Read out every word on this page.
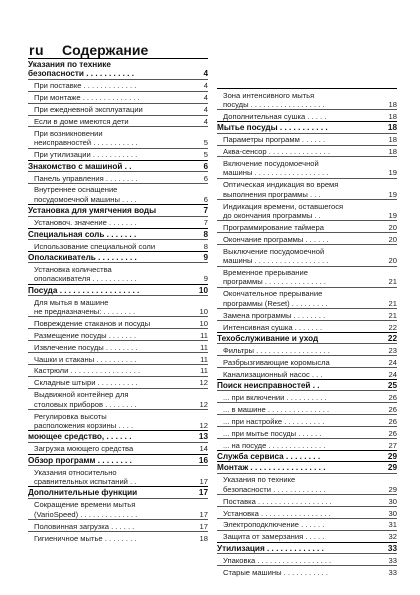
ru Содержание
Указания по технике
безопасности . . . . . . . . . . .	4
При поставке . . . . . . . . . . . . .	4
При монтаже . . . . . . . . . . . . . .	4
При ежедневной эксплуатации	4
Если в доме имеются дети	4
При возникновении
неисправностей . . . . . . . . . . .	5
При утилизации . . . . . . . . . . .	5
Знакомство с машиной . .	6
Панель управления . . . . . . . .	6
Внутреннее оснащение
посудомоечной машины . . . .	6
Установка для умягчения воды	7
Установоч. значение . . . . . . .	7
Специальная соль . . . . . . .	8
Использование специальной соли	8
Ополаскиватель . . . . . . . . .	9
Установка количества
ополаскивателя . . . . . . . . . . .	9
Посуда . . . . . . . . . . . . . . . . . .	10
Для мытья в машине
не предназначены: . . . . . . . .	10
Повреждение стаканов и посуды	10
Размещение посуды . . . . . . .	11
Извлечение посуды . . . . . . . .	11
Чашки и стаканы . . . . . . . . . .	11
Кастрюли . . . . . . . . . . . . . . . . .	11
Складные штыри . . . . . . . . . .	12
Выдвижной контейнер для
столовых приборов . . . . . . . .	12
Регулировка высоты
расположения корзины . . . .	12
моющее средство, . . . . . .	13
Загрузка моющего средства	14
Обзор программ . . . . . . . .	16
Указания относительно
сравнительных испытаний . .	17
Дополнительные функции	17
Сокращение времени мытья
(VarioSpeed) . . . . . . . . . . . . . .	17
Половинная загрузка . . . . . .	17
Гигиеничное мытье . . . . . . . .	18
Зона интенсивного мытья
посуды . . . . . . . . . . . . . . . . . .	18
Дополнительная сушка . . . . .	18
Мытье посуды . . . . . . . . . . .	18
Параметры программ . . . . . .	18
Аква-сенсор . . . . . . . . . . . . . . .	18
Включение посудомоечной
машины . . . . . . . . . . . . . . . . . .	19
Оптическая индикация во время
выполнения программы . . .	19
Индикация времени, оставшегося
до окончания программы . .	19
Программирование таймера	20
Окончание программы . . . . . .	20
Выключение посудомоечной
машины . . . . . . . . . . . . . . . . . .	20
Временное прерывание
программы . . . . . . . . . . . . . . .	21
Окончательное прерывание
программы (Reset) . . . . . . . . .	21
Замена программы . . . . . . . .	21
Интенсивная сушка . . . . . . .	22
Техобслуживание и уход	22
Фильтры . . . . . . . . . . . . . . . . . .	23
Разбрызгивающие коромысла	24
Канализационный насос . . .	24
Поиск неисправностей . .	25
... при включении . . . . . . . . . .	26
... в машине . . . . . . . . . . . . . . .	26
... при настройке . . . . . . . . . .	26
... при мытье посуды . . . . . .	26
... на посуде . . . . . . . . . . . . . .	27
Служба сервиса . . . . . . . .	29
Монтаж . . . . . . . . . . . . . . . . .	29
Указания по технике
безопасности . . . . . . . . . . . . .	29
Поставка . . . . . . . . . . . . . . . . . .	30
Установка . . . . . . . . . . . . . . . . .	30
Электроподключение . . . . . .	31
Защита от замерзания . . . . .	32
Утилизация . . . . . . . . . . . . .	33
Упаковка . . . . . . . . . . . . . . . . . .	33
Старые машины . . . . . . . . . . .	33
